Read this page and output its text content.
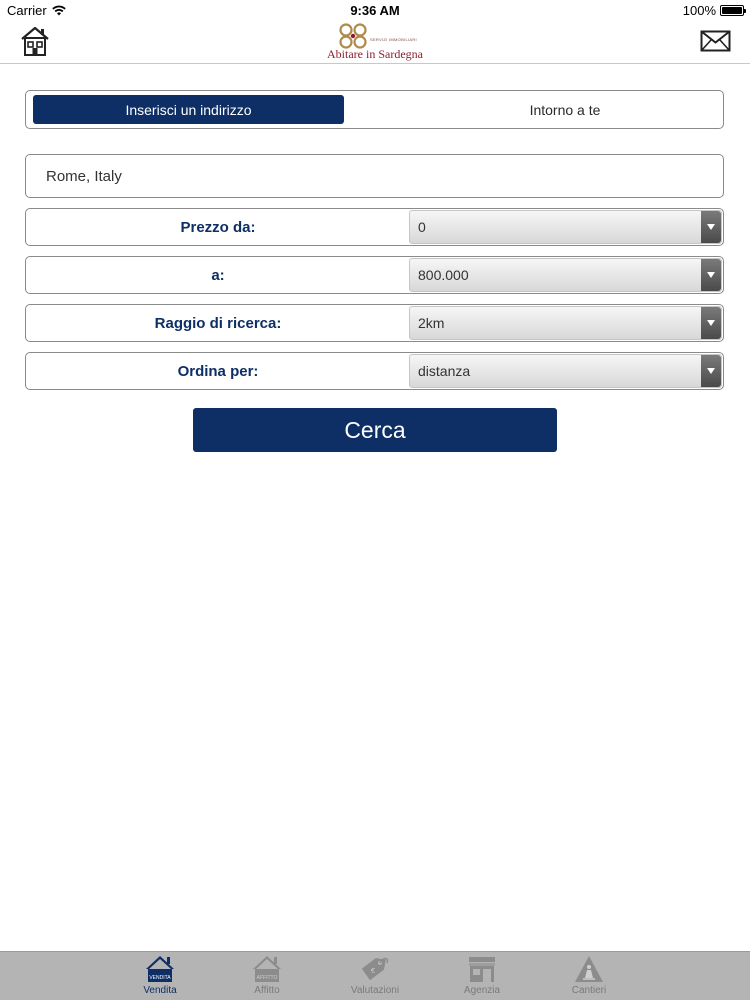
Carrier	9:36 AM	100%
SERVIZI IMMOBILIARI
Abitare in Sardegna
Inserisci un indirizzo	Intorno a te
Rome, Italy
Prezzo da:	0
a:	800.000
Raggio di ricerca:	2km
Ordina per:	distanza
Cerca
VENDITA
Vendita
AFFITTO
Affitto
€
Valutazioni	Agenzia	Cantieri
